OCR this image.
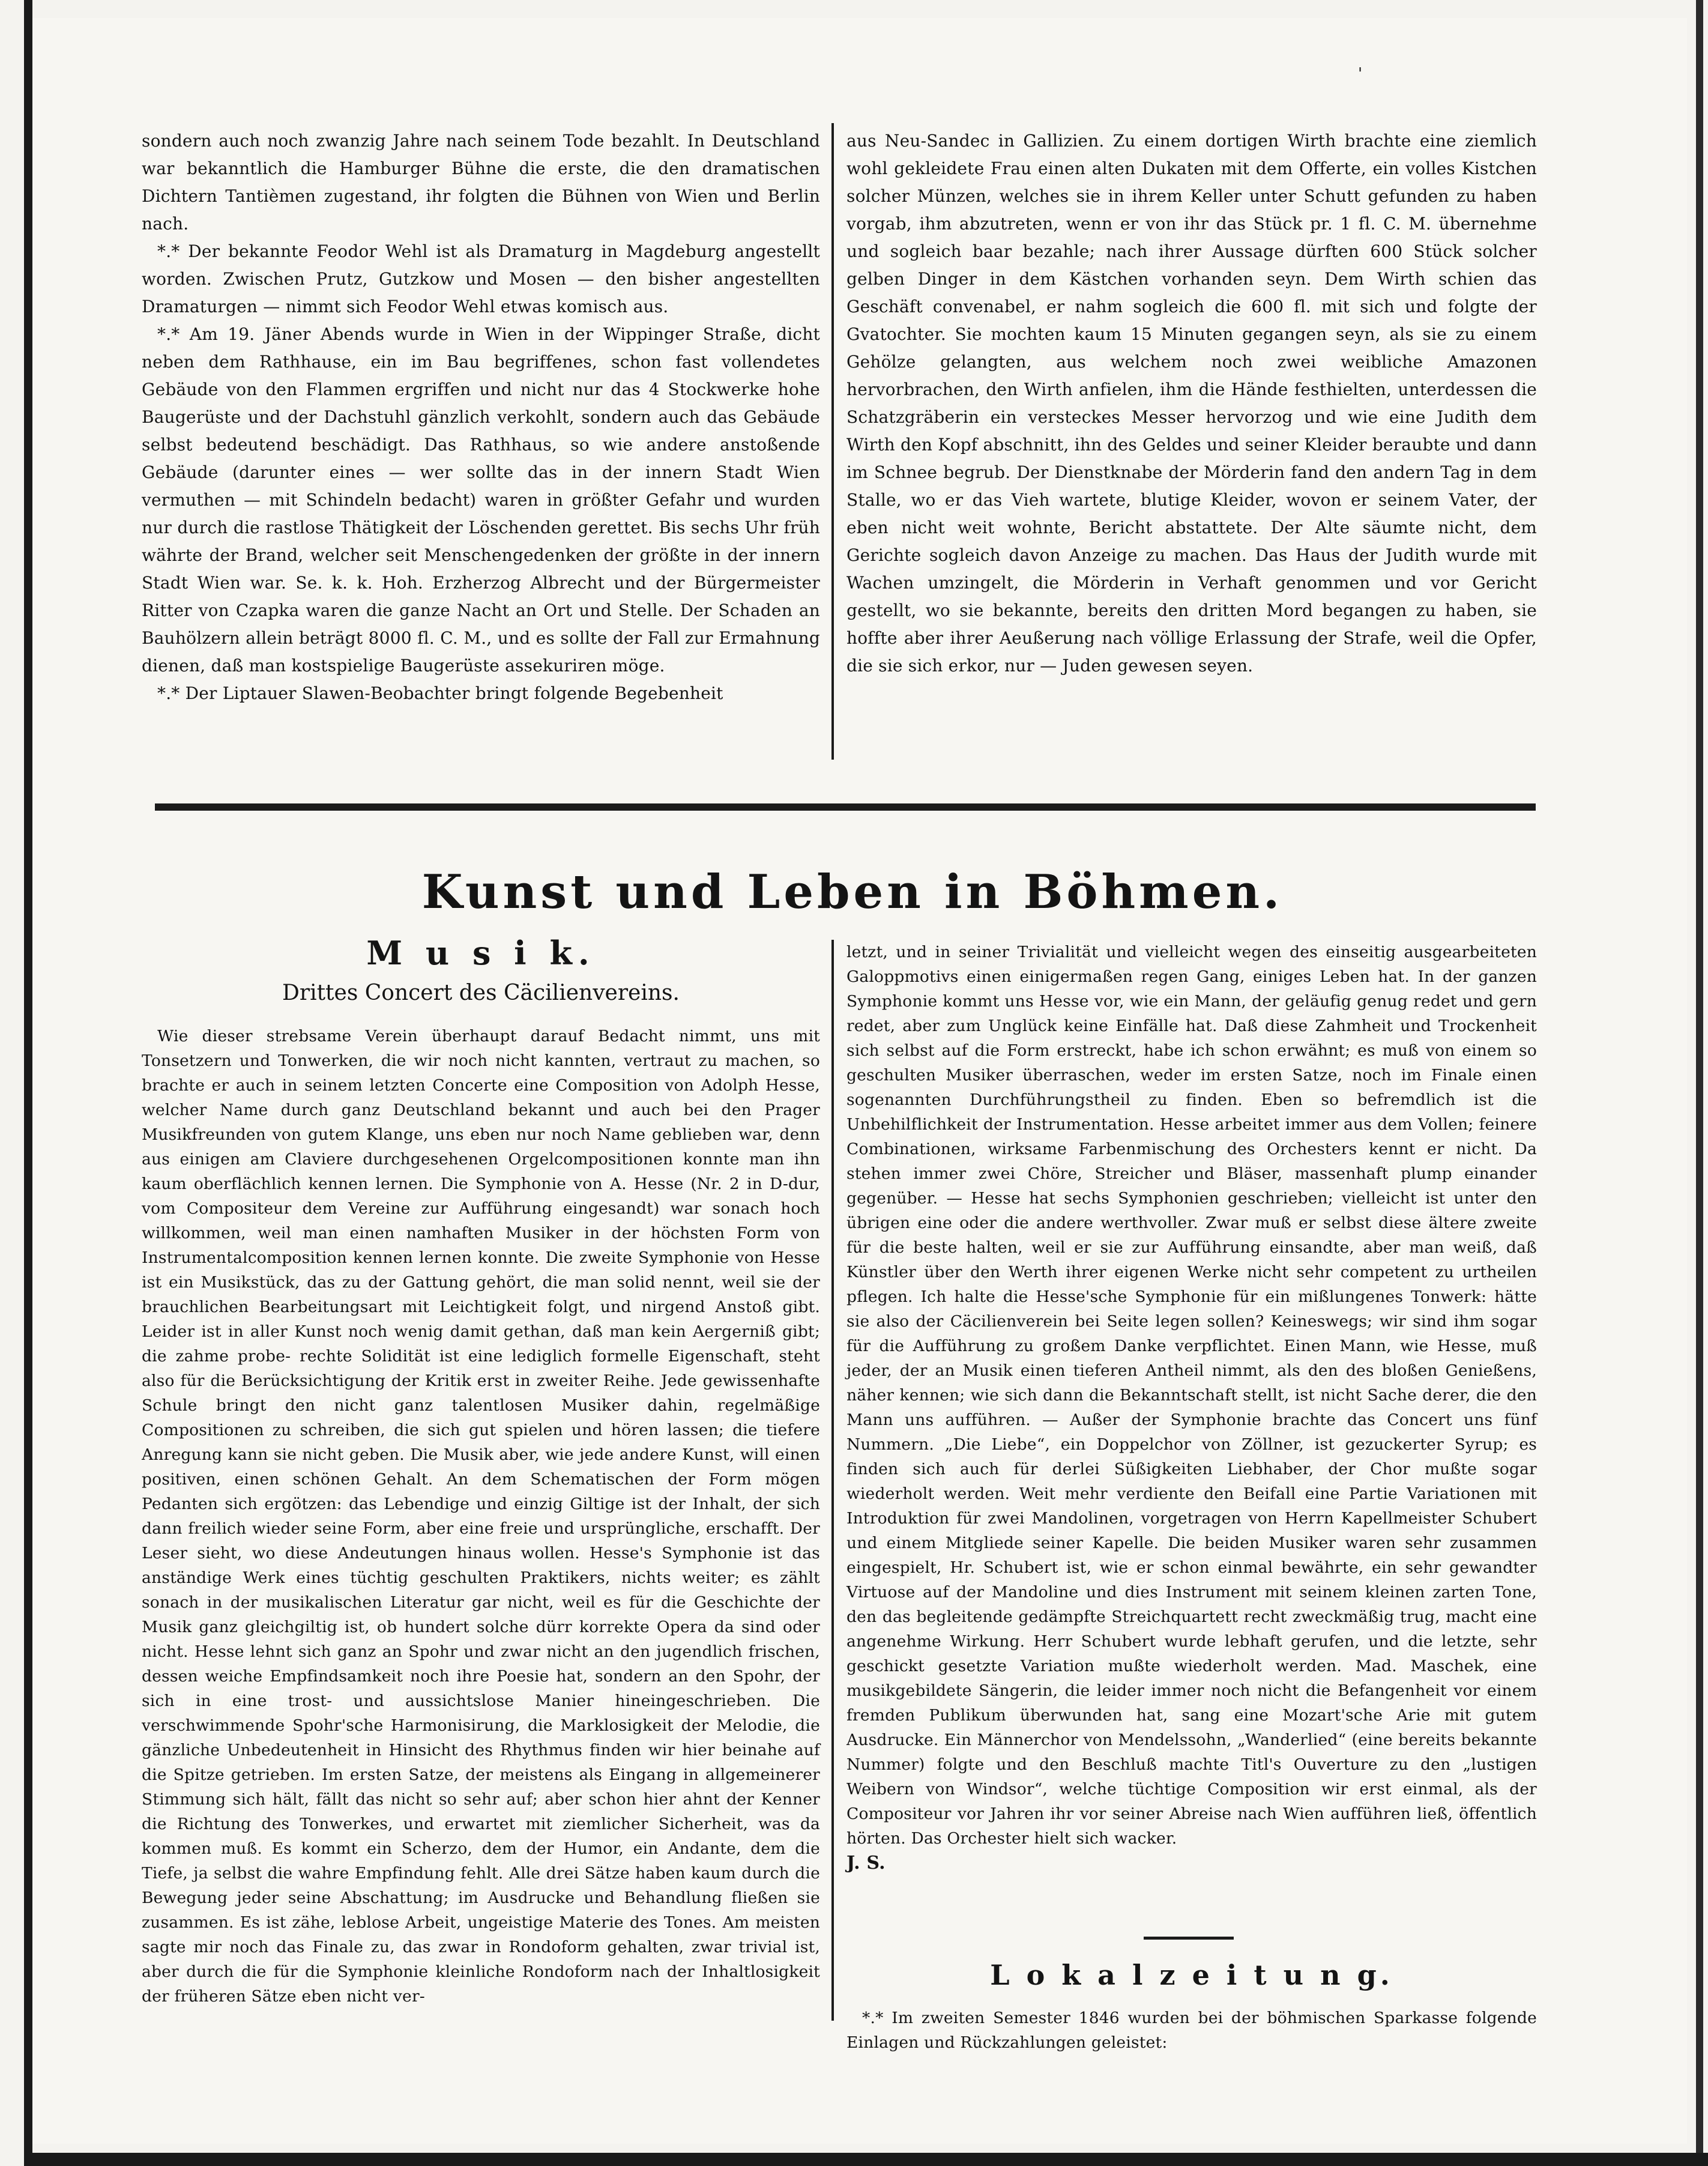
'

sondern auch noch zwanzig Jahre nach seinem Tode bezahlt. In Deutschland war bekanntlich die Hamburger Bühne die erste, die den dramatischen Dichtern Tantièmen zugestand, ihr folgten die Bühnen von Wien und Berlin nach.

*.* Der bekannte Feodor Wehl ist als Dramaturg in Magdeburg angestellt worden. Zwischen Prutz, Gutzkow und Mosen — den bisher angestellten Dramaturgen — nimmt sich Feodor Wehl etwas komisch aus.

*.* Am 19. Jäner Abends wurde in Wien in der Wippinger Straße, dicht neben dem Rathhause, ein im Bau begriffenes, schon fast vollendetes Gebäude von den Flammen ergriffen und nicht nur das 4 Stockwerke hohe Baugerüste und der Dachstuhl gänzlich verkohlt, sondern auch das Gebäude selbst bedeutend beschädigt. Das Rathhaus, so wie andere anstoßende Gebäude (darunter eines — wer sollte das in der innern Stadt Wien vermuthen — mit Schindeln bedacht) waren in größter Gefahr und wurden nur durch die rastlose Thätigkeit der Löschenden gerettet. Bis sechs Uhr früh währte der Brand, welcher seit Menschengedenken der größte in der innern Stadt Wien war. Se. k. k. Hoh. Erzherzog Albrecht und der Bürgermeister Ritter von Czapka waren die ganze Nacht an Ort und Stelle. Der Schaden an Bauhölzern allein beträgt 8000 fl. C. M., und es sollte der Fall zur Ermahnung dienen, daß man kostspielige Baugerüste assekuriren möge.

*.* Der Liptauer Slawen-Beobachter bringt folgende Begebenheit

aus Neu-Sandec in Gallizien. Zu einem dortigen Wirth brachte eine ziemlich wohl gekleidete Frau einen alten Dukaten mit dem Offerte, ein volles Kistchen solcher Münzen, welches sie in ihrem Keller unter Schutt gefunden zu haben vorgab, ihm abzutreten, wenn er von ihr das Stück pr. 1 fl. C. M. übernehme und sogleich baar bezahle; nach ihrer Aussage dürften 600 Stück solcher gelben Dinger in dem Kästchen vorhanden seyn. Dem Wirth schien das Geschäft convenabel, er nahm sogleich die 600 fl. mit sich und folgte der Gvatochter. Sie mochten kaum 15 Minuten gegangen seyn, als sie zu einem Gehölze gelangten, aus welchem noch zwei weibliche Amazonen hervorbrachen, den Wirth anfielen, ihm die Hände festhielten, unterdessen die Schatzgräberin ein versteckes Messer hervorzog und wie eine Judith dem Wirth den Kopf abschnitt, ihn des Geldes und seiner Kleider beraubte und dann im Schnee begrub. Der Dienstknabe der Mörderin fand den andern Tag in dem Stalle, wo er das Vieh wartete, blutige Kleider, wovon er seinem Vater, der eben nicht weit wohnte, Bericht abstattete. Der Alte säumte nicht, dem Gerichte sogleich davon Anzeige zu machen. Das Haus der Judith wurde mit Wachen umzingelt, die Mörderin in Verhaft genommen und vor Gericht gestellt, wo sie bekannte, bereits den dritten Mord begangen zu haben, sie hoffte aber ihrer Aeußerung nach völlige Erlassung der Strafe, weil die Opfer, die sie sich erkor, nur — Juden gewesen seyen.

Kunst und Leben in Böhmen.
M u s i k.
Drittes Concert des Cäcilienvereins.

Wie dieser strebsame Verein überhaupt darauf Bedacht nimmt, uns mit Tonsetzern und Tonwerken, die wir noch nicht kannten, vertraut zu machen, so brachte er auch in seinem letzten Concerte eine Composition von Adolph Hesse, welcher Name durch ganz Deutschland bekannt und auch bei den Prager Musikfreunden von gutem Klange, uns eben nur noch Name geblieben war, denn aus einigen am Claviere durchgesehenen Orgelcompositionen konnte man ihn kaum oberflächlich kennen lernen. Die Symphonie von A. Hesse (Nr. 2 in D-dur, vom Compositeur dem Vereine zur Aufführung eingesandt) war sonach hoch willkommen, weil man einen namhaften Musiker in der höchsten Form von Instrumentalcomposition kennen lernen konnte. Die zweite Symphonie von Hesse ist ein Musikstück, das zu der Gattung gehört, die man solid nennt, weil sie der brauchlichen Bearbeitungsart mit Leichtigkeit folgt, und nirgend Anstoß gibt. Leider ist in aller Kunst noch wenig damit gethan, daß man kein Aergerniß gibt; die zahme probe- rechte Solidität ist eine lediglich formelle Eigenschaft, steht also für die Berücksichtigung der Kritik erst in zweiter Reihe. Jede gewissenhafte Schule bringt den nicht ganz talentlosen Musiker dahin, regelmäßige Compositionen zu schreiben, die sich gut spielen und hören lassen; die tiefere Anregung kann sie nicht geben. Die Musik aber, wie jede andere Kunst, will einen positiven, einen schönen Gehalt. An dem Schematischen der Form mögen Pedanten sich ergötzen: das Lebendige und einzig Giltige ist der Inhalt, der sich dann freilich wieder seine Form, aber eine freie und ursprüngliche, erschafft. Der Leser sieht, wo diese Andeutungen hinaus wollen. Hesse's Symphonie ist das anständige Werk eines tüchtig geschulten Praktikers, nichts weiter; es zählt sonach in der musikalischen Literatur gar nicht, weil es für die Geschichte der Musik ganz gleichgiltig ist, ob hundert solche dürr korrekte Opera da sind oder nicht. Hesse lehnt sich ganz an Spohr und zwar nicht an den jugendlich frischen, dessen weiche Empfindsamkeit noch ihre Poesie hat, sondern an den Spohr, der sich in eine trost- und aussichtslose Manier hineingeschrieben. Die verschwimmende Spohr'sche Harmonisirung, die Marklosigkeit der Melodie, die gänzliche Unbedeutenheit in Hinsicht des Rhythmus finden wir hier beinahe auf die Spitze getrieben. Im ersten Satze, der meistens als Eingang in allgemeinerer Stimmung sich hält, fällt das nicht so sehr auf; aber schon hier ahnt der Kenner die Richtung des Tonwerkes, und erwartet mit ziemlicher Sicherheit, was da kommen muß. Es kommt ein Scherzo, dem der Humor, ein Andante, dem die Tiefe, ja selbst die wahre Empfindung fehlt. Alle drei Sätze haben kaum durch die Bewegung jeder seine Abschattung; im Ausdrucke und Behandlung fließen sie zusammen. Es ist zähe, leblose Arbeit, ungeistige Materie des Tones. Am meisten sagte mir noch das Finale zu, das zwar in Rondoform gehalten, zwar trivial ist, aber durch die für die Symphonie kleinliche Rondoform nach der Inhaltlosigkeit der früheren Sätze eben nicht ver-

letzt, und in seiner Trivialität und vielleicht wegen des einseitig ausgearbeiteten Galoppmotivs einen einigermaßen regen Gang, einiges Leben hat. In der ganzen Symphonie kommt uns Hesse vor, wie ein Mann, der geläufig genug redet und gern redet, aber zum Unglück keine Einfälle hat. Daß diese Zahmheit und Trockenheit sich selbst auf die Form erstreckt, habe ich schon erwähnt; es muß von einem so geschulten Musiker überraschen, weder im ersten Satze, noch im Finale einen sogenannten Durchführungstheil zu finden. Eben so befremdlich ist die Unbehilflichkeit der Instrumentation. Hesse arbeitet immer aus dem Vollen; feinere Combinationen, wirksame Farbenmischung des Orchesters kennt er nicht. Da stehen immer zwei Chöre, Streicher und Bläser, massenhaft plump einander gegenüber. — Hesse hat sechs Symphonien geschrieben; vielleicht ist unter den übrigen eine oder die andere werthvoller. Zwar muß er selbst diese ältere zweite für die beste halten, weil er sie zur Aufführung einsandte, aber man weiß, daß Künstler über den Werth ihrer eigenen Werke nicht sehr competent zu urtheilen pflegen. Ich halte die Hesse'sche Symphonie für ein mißlungenes Tonwerk: hätte sie also der Cäcilienverein bei Seite legen sollen? Keineswegs; wir sind ihm sogar für die Aufführung zu großem Danke verpflichtet. Einen Mann, wie Hesse, muß jeder, der an Musik einen tieferen Antheil nimmt, als den des bloßen Genießens, näher kennen; wie sich dann die Bekanntschaft stellt, ist nicht Sache derer, die den Mann uns aufführen. — Außer der Symphonie brachte das Concert uns fünf Nummern. „Die Liebe“, ein Doppelchor von Zöllner, ist gezuckerter Syrup; es finden sich auch für derlei Süßigkeiten Liebhaber, der Chor mußte sogar wiederholt werden. Weit mehr verdiente den Beifall eine Partie Variationen mit Introduktion für zwei Mandolinen, vorgetragen von Herrn Kapellmeister Schubert und einem Mitgliede seiner Kapelle. Die beiden Musiker waren sehr zusammen eingespielt, Hr. Schubert ist, wie er schon einmal bewährte, ein sehr gewandter Virtuose auf der Mandoline und dies Instrument mit seinem kleinen zarten Tone, den das begleitende gedämpfte Streichquartett recht zweckmäßig trug, macht eine angenehme Wirkung. Herr Schubert wurde lebhaft gerufen, und die letzte, sehr geschickt gesetzte Variation mußte wiederholt werden. Mad. Maschek, eine musikgebildete Sängerin, die leider immer noch nicht die Befangenheit vor einem fremden Publikum überwunden hat, sang eine Mozart'sche Arie mit gutem Ausdrucke. Ein Männerchor von Mendelssohn, „Wanderlied“ (eine bereits bekannte Nummer) folgte und den Beschluß machte Titl's Ouverture zu den „lustigen Weibern von Windsor“, welche tüchtige Composition wir erst einmal, als der Compositeur vor Jahren ihr vor seiner Abreise nach Wien aufführen ließ, öffentlich hörten. Das Orchester hielt sich wacker.

J. S.
L o k a l z e i t u n g.

*.* Im zweiten Semester 1846 wurden bei der böhmischen Sparkasse folgende Einlagen und Rückzahlungen geleistet:
